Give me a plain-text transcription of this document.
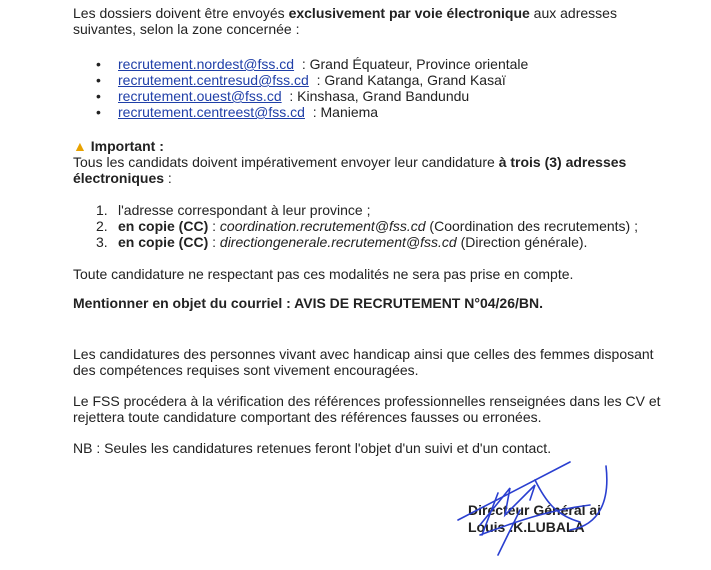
Les dossiers doivent être envoyés exclusivement par voie électronique aux adresses
suivantes, selon la zone concernée :
• recrutement.nordest@fss.cd  : Grand Équateur, Province orientale
• recrutement.centresud@fss.cd  : Grand Katanga, Grand Kasaï
• recrutement.ouest@fss.cd  : Kinshasa, Grand Bandundu
• recrutement.centreest@fss.cd  : Maniema
▲ Important :
Tous les candidats doivent impérativement envoyer leur candidature à trois (3) adresses
électroniques :
1. l'adresse correspondant à leur province ;
2. en copie (CC) : coordination.recrutement@fss.cd (Coordination des recrutements) ;
3. en copie (CC) : directiongenerale.recrutement@fss.cd (Direction générale).
Toute candidature ne respectant pas ces modalités ne sera pas prise en compte.
Mentionner en objet du courriel : AVIS DE RECRUTEMENT N°04/26/BN.
Les candidatures des personnes vivant avec handicap ainsi que celles des femmes disposant
des compétences requises sont vivement encouragées.
Le FSS procédera à la vérification des références professionnelles renseignées dans les CV et
rejettera toute candidature comportant des références fausses ou erronées.
NB : Seules les candidatures retenues feront l'objet d'un suivi et d'un contact.
Directeur Général ai
Louis .K.LUBALA
